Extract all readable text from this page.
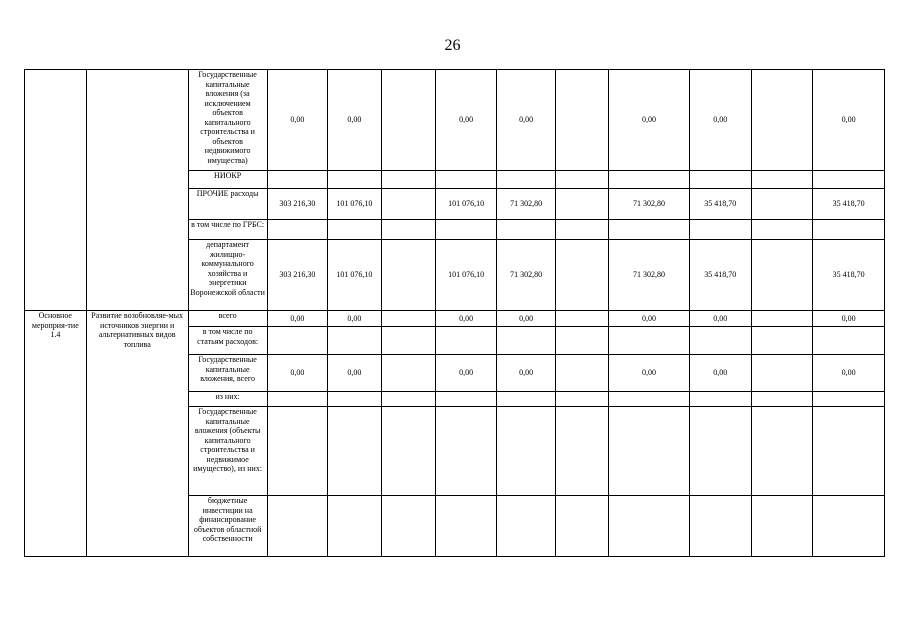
26
		Государственные капитальные вложения (за исключением объектов капитального строительства и объектов недвижимого имущества)	0,00	0,00		0,00	0,00		0,00	0,00		0,00
		НИОКР										
		ПРОЧИЕ расходы	303 216,30	101 076,10		101 076,10	71 302,80		71 302,80	35 418,70		35 418,70
		в том числе по ГРБС:										
		департамент жилищно-коммунального хозяйства и энергетики Воронежской области	303 216,30	101 076,10		101 076,10	71 302,80		71 302,80	35 418,70		35 418,70
Основное мероприя-тие 1.4	Развитие возобновляе-мых источников энергии и альтернативных видов топлива	всего	0,00	0,00		0,00	0,00		0,00	0,00		0,00
		в том числе по статьям расходов:										
		Государственные капитальные вложения, всего	0,00	0,00		0,00	0,00		0,00	0,00		0,00
		из них:										
		Государственные капитальные вложения (объекты капитального строительства и недвижимое имущество), из них:										
		бюджетные инвестиции на финансирование объектов областной собственности										
